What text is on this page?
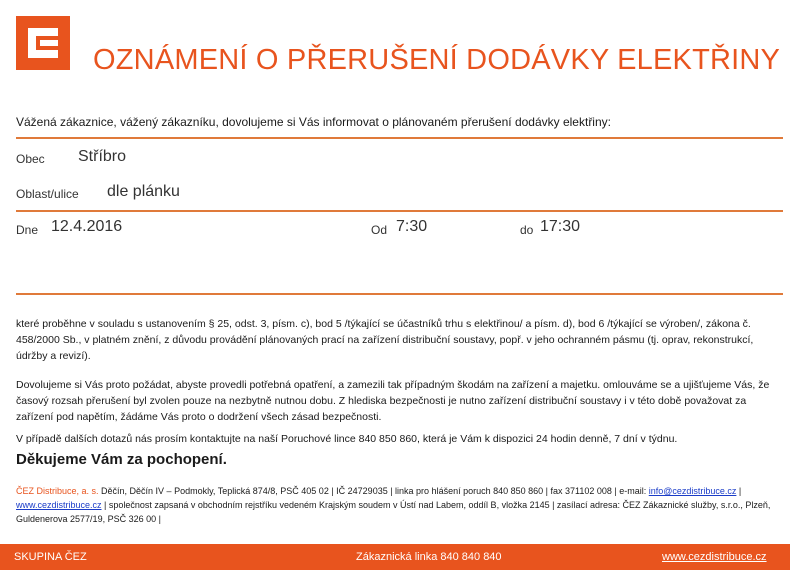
OZNÁMENÍ O PŘERUŠENÍ DODÁVKY ELEKTŘINY
Vážená zákaznice, vážený zákazníku, dovolujeme si Vás informovat o plánovaném přerušení dodávky elektřiny:
Obec Stříbro
Oblast/ulice dle plánku
Dne 12.4.2016	Od 7:30	do 17:30
které proběhne v souladu s ustanovením § 25, odst. 3, písm. c), bod 5 /týkající se účastníků trhu s elektřinou/ a písm. d), bod 6 /týkající se výroben/, zákona č. 458/2000 Sb., v platném znění, z důvodu provádění plánovaných prací na zařízení distribuční soustavy, popř. v jeho ochranném pásmu (tj. oprav, rekonstrukcí, údržby a revizí).
Dovolujeme si Vás proto požádat, abyste provedli potřebná opatření, a zamezili tak případným škodám na zařízení a majetku. omlouváme se a ujišťujeme Vás, že časový rozsah přerušení byl zvolen pouze na nezbytně nutnou dobu. Z hlediska bezpečnosti je nutno zařízení distribuční soustavy i v této době považovat za zařízení pod napětím, žádáme Vás proto o dodržení všech zásad bezpečnosti.
V případě dalších dotazů nás prosím kontaktujte na naší Poruchové lince 840 850 860, která je Vám k dispozici 24 hodin denně, 7 dní v týdnu.
Děkujeme Vám za pochopení.
ČEZ Distribuce, a. s. Děčín, Děčín IV – Podmokly, Teplická 874/8, PSČ 405 02 | IČ 24729035 | linka pro hlášení poruch 840 850 860 | fax 371102 008 | e-mail: info@cezdistribuce.cz |
www.cezdistribuce.cz | společnost zapsaná v obchodním rejstříku vedeném Krajským soudem v Ústí nad Labem, oddíl B, vložka 2145 | zasílací adresa: ČEZ Zákaznické služby, s.r.o., Plzeň, Guldenerova 2577/19, PSČ 326 00 |
SKUPINA ČEZ	Zákaznická linka 840 840 840	www.cezdistribuce.cz
